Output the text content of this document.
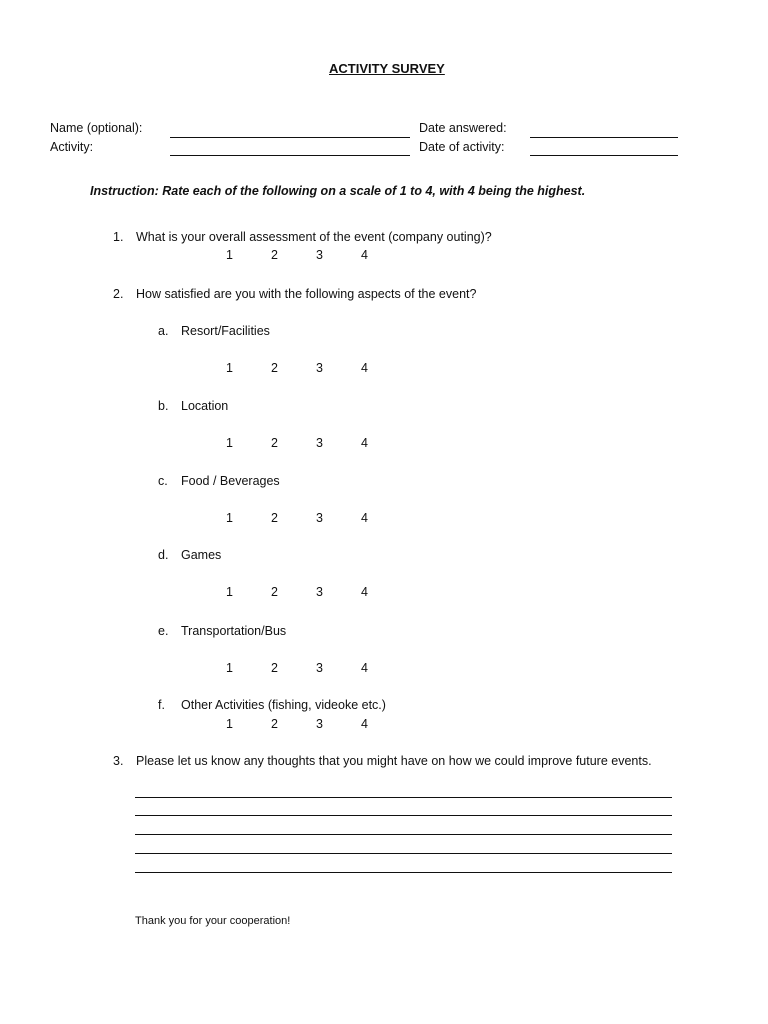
ACTIVITY SURVEY
Name (optional):
Activity:
Date answered:
Date of activity:
Instruction: Rate each of the following on a scale of 1 to 4, with 4 being the highest.
1. What is your overall assessment of the event (company outing)?
1	2	3	4
2. How satisfied are you with the following aspects of the event?
a. Resort/Facilities
1	2	3	4
b. Location
1	2	3	4
c. Food / Beverages
1	2	3	4
d. Games
1	2	3	4
e. Transportation/Bus
1	2	3	4
f. Other Activities (fishing, videoke etc.)
1	2	3	4
3. Please let us know any thoughts that you might have on how we could improve future events.
Thank you for your cooperation!
